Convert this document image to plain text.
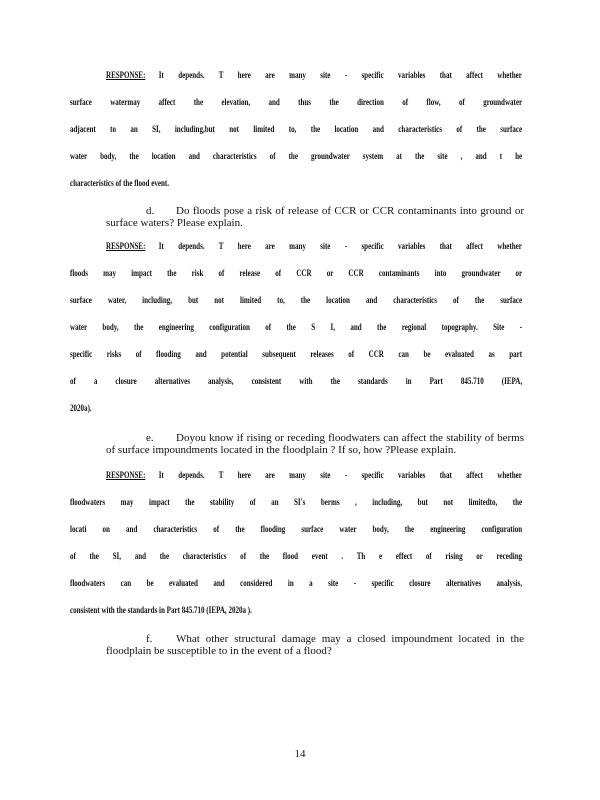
RESPONSE: It depends. T here are many site - specific variables that affect whether
surface watermay affect the elevation, and thus the direction of flow, of groundwater
adjacent to an SI, including,but not limited to, the location and characteristics of the surface
water body, the location and characteristics of the groundwater system at the site , and t he
characteristics of the flood event.
d. Do floods pose a risk of release of CCR or CCR contaminants into ground or surface waters? Please explain.
RESPONSE: It depends. T here are many site - specific variables that affect whether
floods may impact the risk of release of CCR or CCR contaminants into groundwater or
surface water, including, but not limited to, the location and characteristics of the surface
water body, the engineering configuration of the S I, and the regional topography. Site -
specific risks of flooding and potential subsequent releases of CCR can be evaluated as part
of a closure alternatives analysis, consistent with the standards in Part 845.710 (IEPA,
2020a).
e. Doyou know if rising or receding floodwaters can affect the stability of berms of surface impoundments located in the floodplain ? If so, how ?Please explain.
RESPONSE: It depends. T here are many site - specific variables that affect whether
floodwaters may impact the stability of an SI's berms , including, but not limitedto, the
locati on and characteristics of the flooding surface water body, the engineering configuration
of the SI, and the characteristics of the flood event . Th e effect of rising or receding
floodwaters can be evaluated and considered in a site - specific closure alternatives analysis,
consistent with the standards in Part 845.710 (IEPA, 2020a ).
f. What other structural damage may a closed impoundment located in the floodplain be susceptible to in the event of a flood?
14
